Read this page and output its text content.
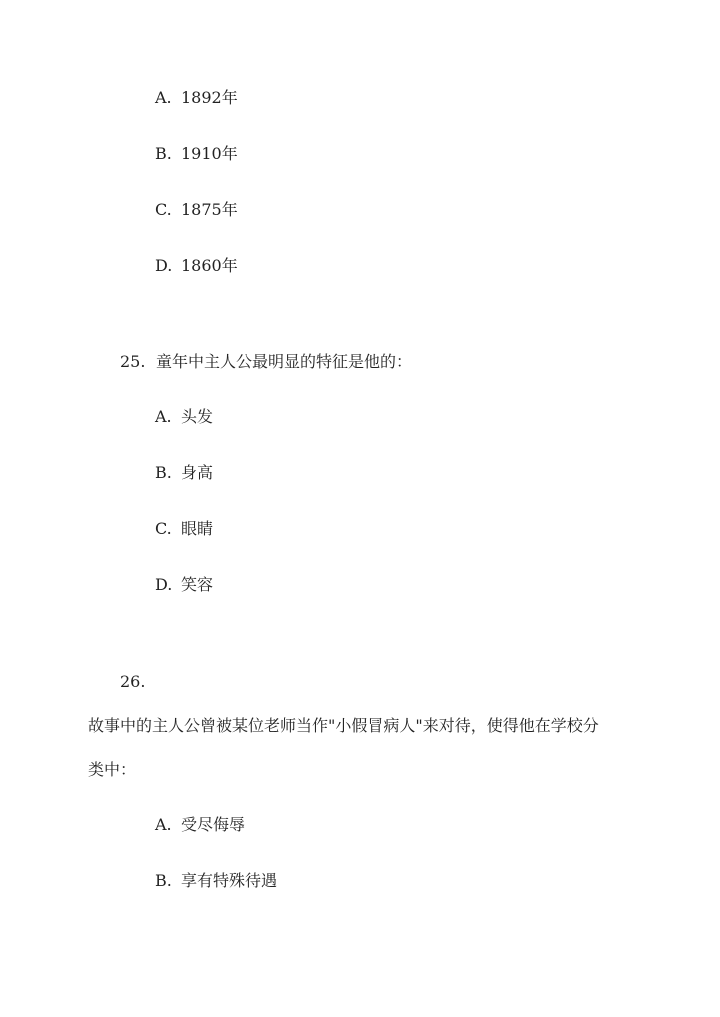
A. 1892年
B. 1910年
C. 1875年
D. 1860年
25. 童年中主人公最明显的特征是他的：
A. 头发
B. 身高
C. 眼睛
D. 笑容
26.
故事中的主人公曾被某位老师当作"小假冒病人"来对待，使得他在学校分
类中：
A. 受尽侮辱
B. 享有特殊待遇
